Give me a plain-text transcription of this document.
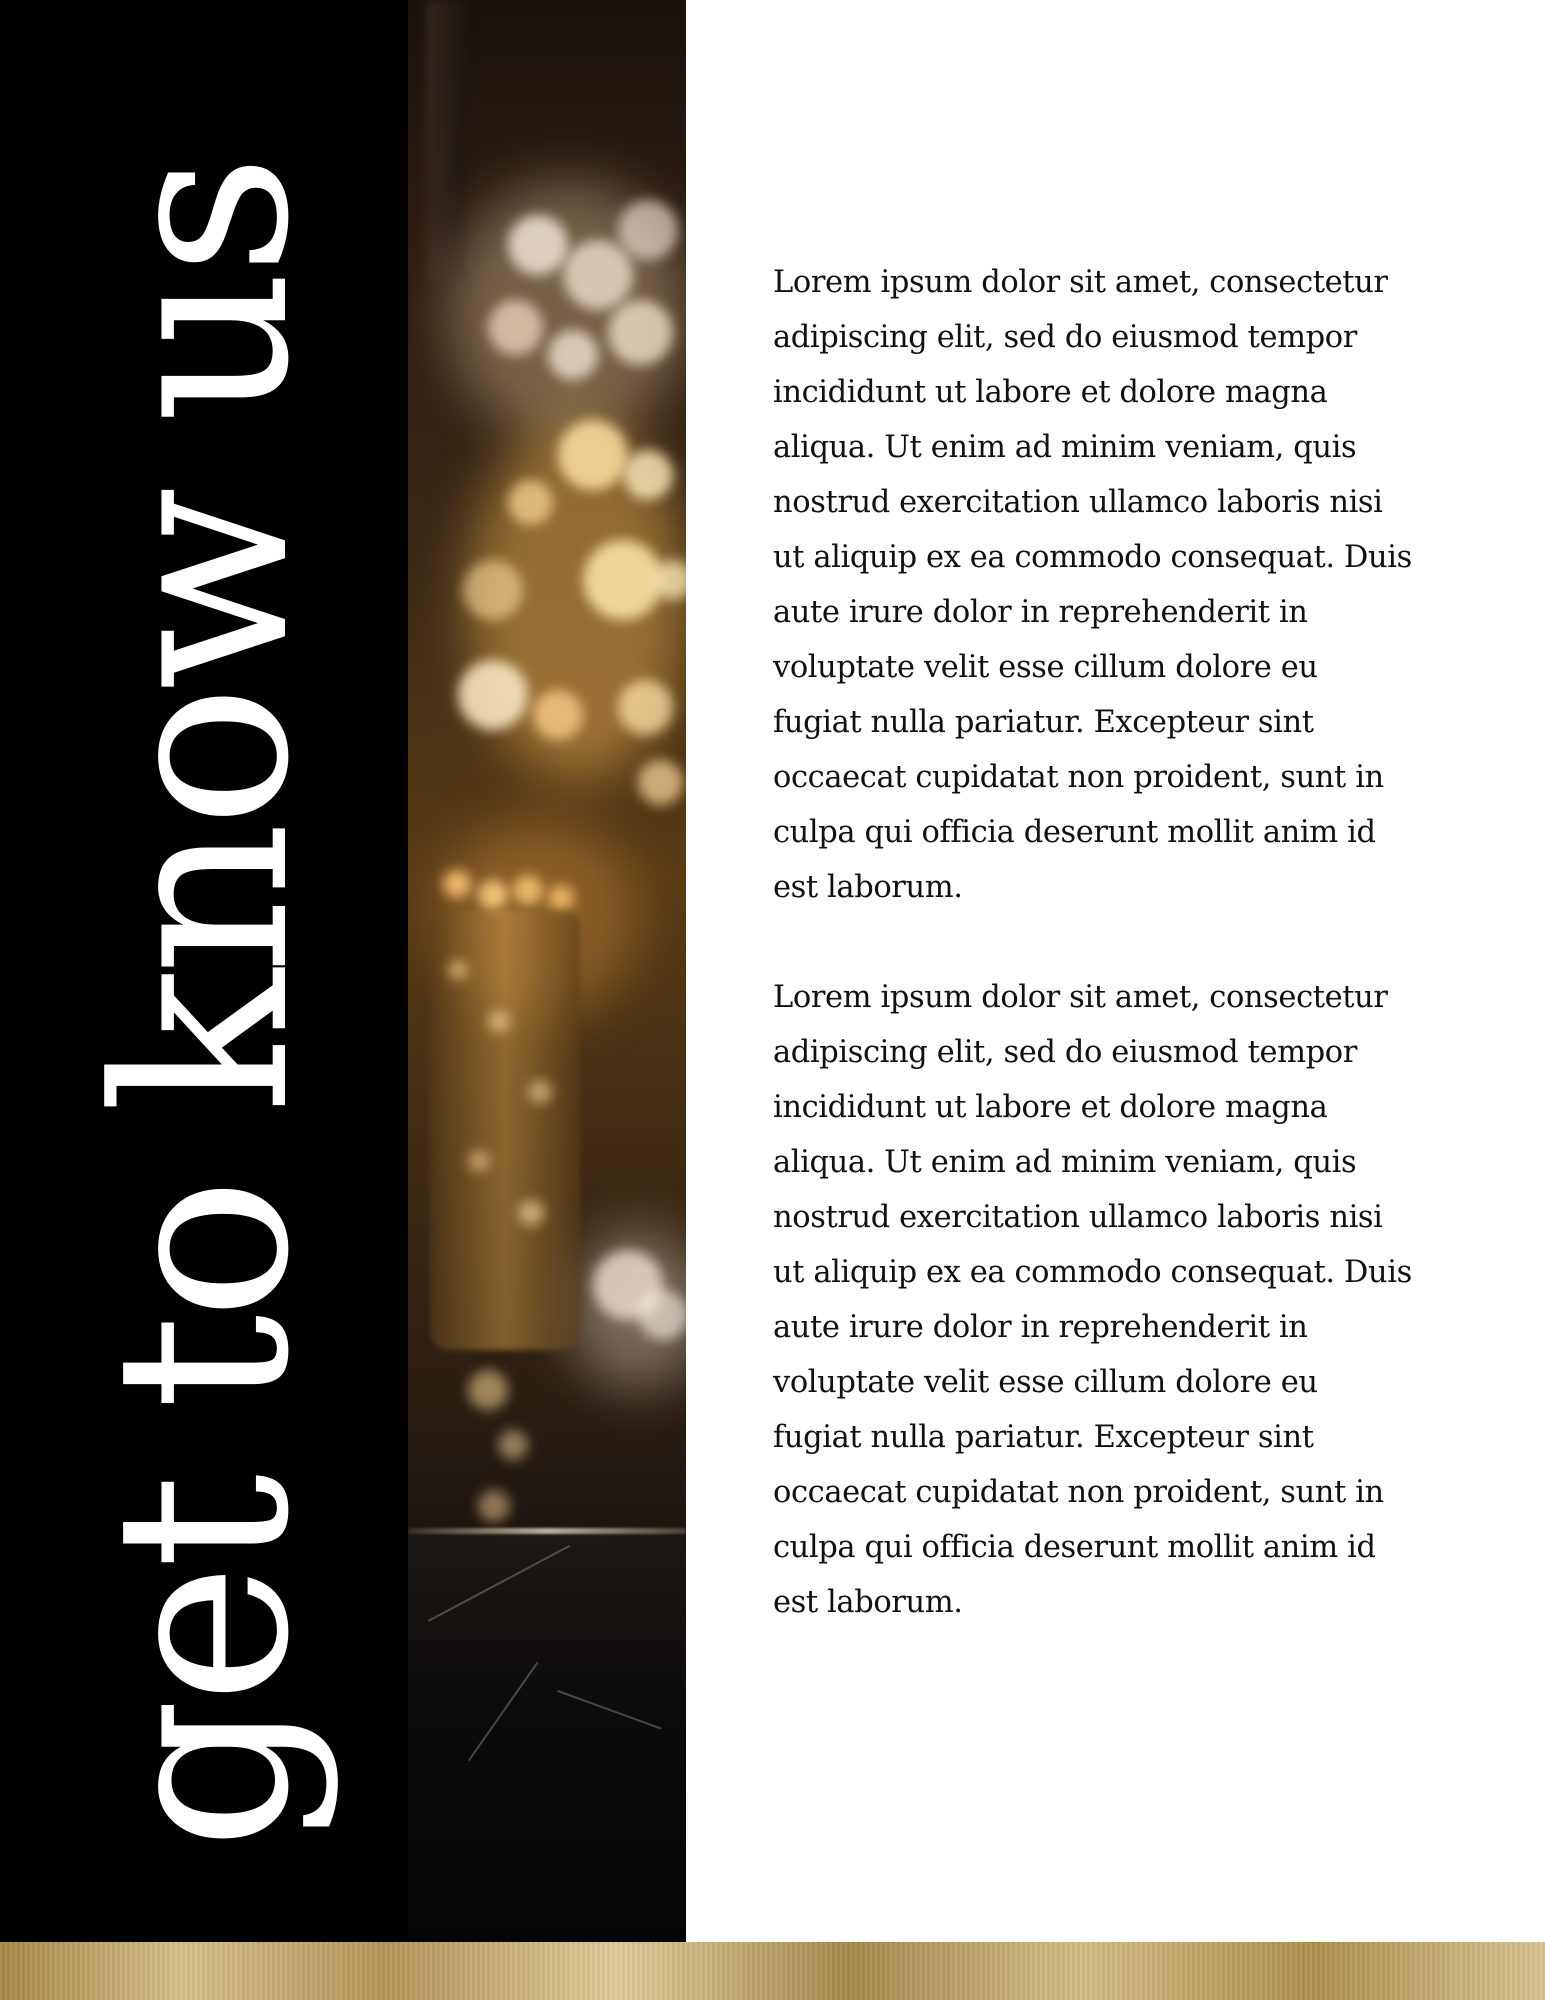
get to know us	Lorem ipsum dolor sit amet, consectetur adipiscing elit, sed do eiusmod tempor incididunt ut labore et dolore magna aliqua. Ut enim ad minim veniam, quis nostrud exercitation ullamco laboris nisi ut aliquip ex ea commodo consequat. Duis aute irure dolor in reprehenderit in voluptate velit esse cillum dolore eu fugiat nulla pariatur. Excepteur sint occaecat cupidatat non proident, sunt in culpa qui officia deserunt mollit anim id est laborum.

Lorem ipsum dolor sit amet, consectetur adipiscing elit, sed do eiusmod tempor incididunt ut labore et dolore magna aliqua. Ut enim ad minim veniam, quis nostrud exercitation ullamco laboris nisi ut aliquip ex ea commodo consequat. Duis aute irure dolor in reprehenderit in voluptate velit esse cillum dolore eu fugiat nulla pariatur. Excepteur sint occaecat cupidatat non proident, sunt in culpa qui officia deserunt mollit anim id est laborum.
